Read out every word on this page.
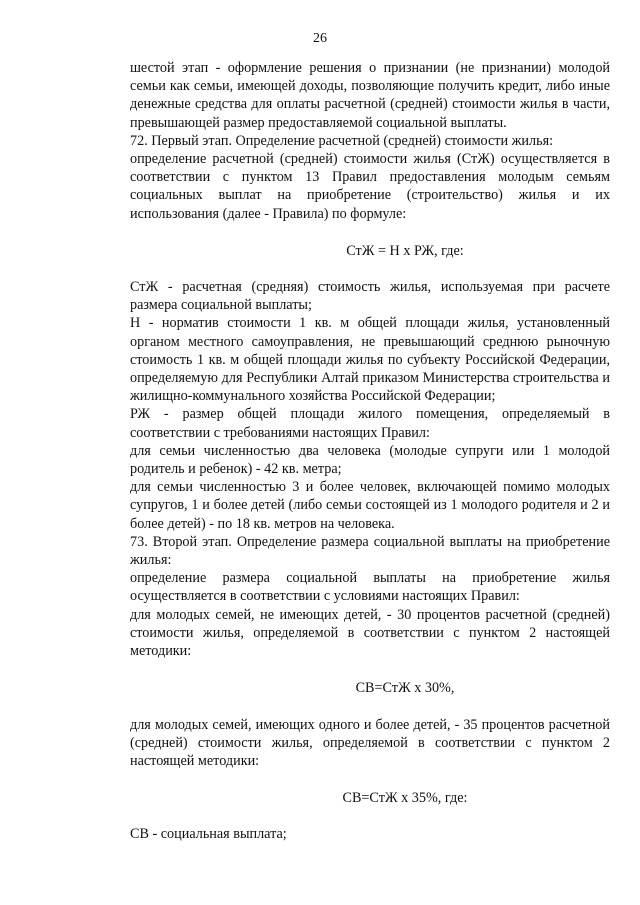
26

шестой этап - оформление решения о признании (не признании) молодой семьи как семьи, имеющей доходы, позволяющие получить кредит, либо иные денежные средства для оплаты расчетной (средней) стоимости жилья в части, превышающей размер предоставляемой социальной выплаты.

72. Первый этап. Определение расчетной (средней) стоимости жилья:

определение расчетной (средней) стоимости жилья (СтЖ) осуществляется в соответствии с пунктом 13 Правил предоставления молодым семьям социальных выплат на приобретение (строительство) жилья и их использования (далее - Правила) по формуле:

СтЖ = Н х РЖ, где:

СтЖ - расчетная (средняя) стоимость жилья, используемая при расчете размера социальной выплаты;

Н - норматив стоимости 1 кв. м общей площади жилья, установленный органом местного самоуправления, не превышающий среднюю рыночную стоимость 1 кв. м общей площади жилья по субъекту Российской Федерации, определяемую для Республики Алтай приказом Министерства строительства и жилищно-коммунального хозяйства Российской Федерации;

РЖ - размер общей площади жилого помещения, определяемый в соответствии с требованиями настоящих Правил:

для семьи численностью два человека (молодые супруги или 1 молодой родитель и ребенок) - 42 кв. метра;

для семьи численностью 3 и более человек, включающей помимо молодых супругов, 1 и более детей (либо семьи состоящей из 1 молодого родителя и 2 и более детей) - по 18 кв. метров на человека.

73. Второй этап. Определение размера социальной выплаты на приобретение жилья:

определение размера социальной выплаты на приобретение жилья осуществляется в соответствии с условиями настоящих Правил:

для молодых семей, не имеющих детей, - 30 процентов расчетной (средней) стоимости жилья, определяемой в соответствии с пунктом 2 настоящей методики:

СВ=СтЖ х 30%,

для молодых семей, имеющих одного и более детей, - 35 процентов расчетной (средней) стоимости жилья, определяемой в соответствии с пунктом 2 настоящей методики:

СВ=СтЖ х 35%, где:

СВ - социальная выплата;
